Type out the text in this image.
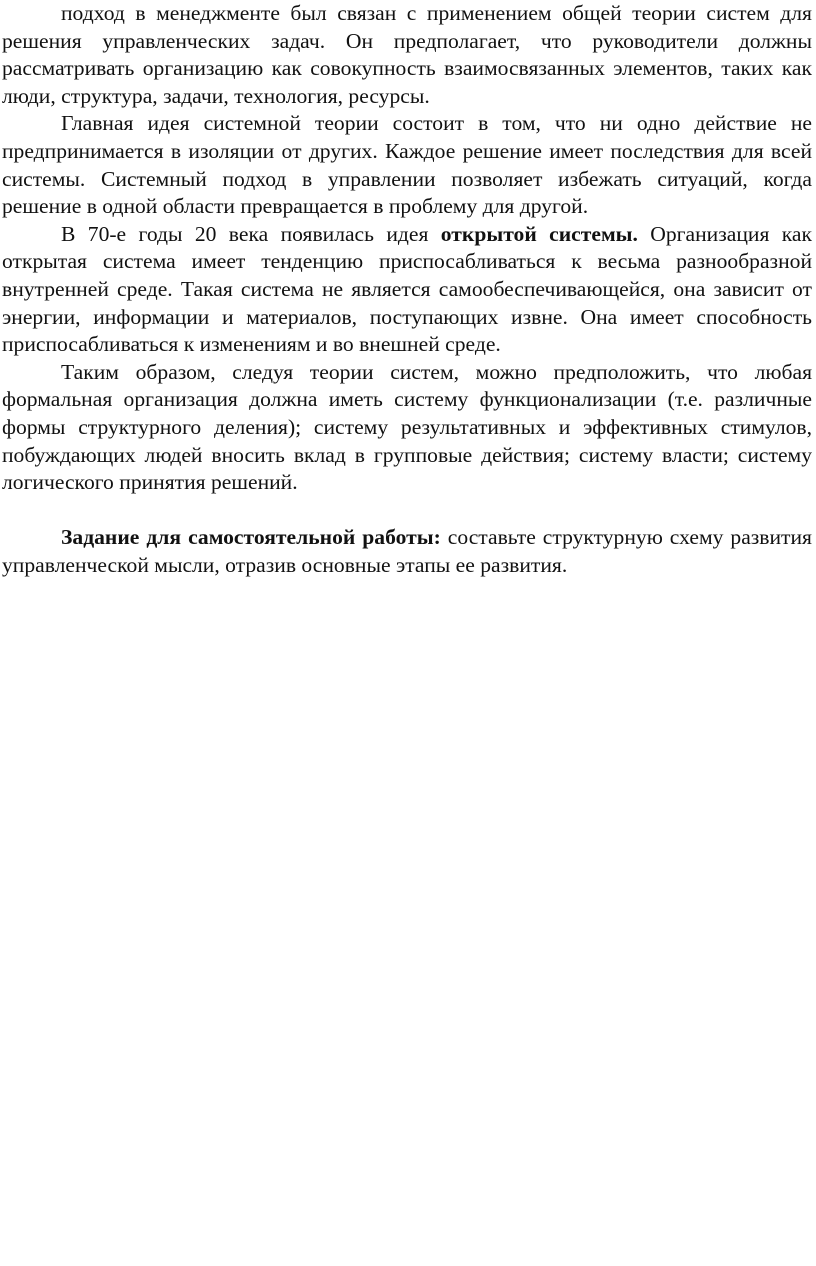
подход в менеджменте был связан с применением общей теории систем для решения управленческих задач. Он предполагает, что руководители должны рассматривать организацию как совокупность взаимосвязанных элементов, таких как люди, структура, задачи, технология, ресурсы.

Главная идея системной теории состоит в том, что ни одно действие не предпринимается в изоляции от других. Каждое решение имеет последствия для всей системы. Системный подход в управлении позволяет избежать ситуаций, когда решение в одной области превращается в проблему для другой.

В 70-е годы 20 века появилась идея открытой системы. Организация как открытая система имеет тенденцию приспосабливаться к весьма разнообразной внутренней среде. Такая система не является самообеспечивающейся, она зависит от энергии, информации и материалов, поступающих извне. Она имеет способность приспосабливаться к изменениям и во внешней среде.

Таким образом, следуя теории систем, можно предположить, что любая формальная организация должна иметь систему функционализации (т.е. различные формы структурного деления); систему результативных и эффективных стимулов, побуждающих людей вносить вклад в групповые действия; систему власти; систему логического принятия решений.

Задание для самостоятельной работы: составьте структурную схему развития управленческой мысли, отразив основные этапы ее развития.
